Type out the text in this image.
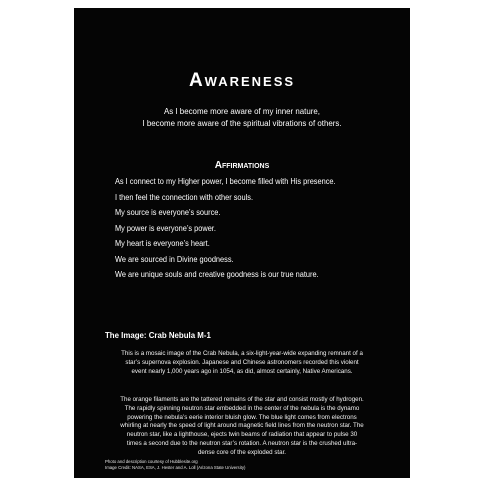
Awareness
As I become more aware of my inner nature,
I become more aware of the spiritual vibrations of others.
Affirmations
As I connect to my Higher power, I become filled with His presence.
I then feel the connection with other souls.
My source is everyone’s source.
My power is everyone’s power.
My heart is everyone’s heart.
We are sourced in Divine goodness.
We are unique souls and creative goodness is our true nature.
The Image: Crab Nebula M-1

This is a mosaic image of the Crab Nebula, a six-light-year-wide expanding remnant of a star’s supernova explosion. Japanese and Chinese astronomers recorded this violent event nearly 1,000 years ago in 1054, as did, almost certainly, Native Americans.

The orange filaments are the tattered remains of the star and consist mostly of hydrogen. The rapidly spinning neutron star embedded in the center of the nebula is the dynamo powering the nebula’s eerie interior bluish glow. The blue light comes from electrons whirling at nearly the speed of light around magnetic field lines from the neutron star. The neutron star, like a lighthouse, ejects twin beams of radiation that appear to pulse 30 times a second due to the neutron star’s rotation. A neutron star is the crushed ultra-dense core of the exploded star.

Photo and description courtesy of Hubblesite.org
Image Credit: NASA, ESA, J. Hester and A. Loll (Arizona State University)
